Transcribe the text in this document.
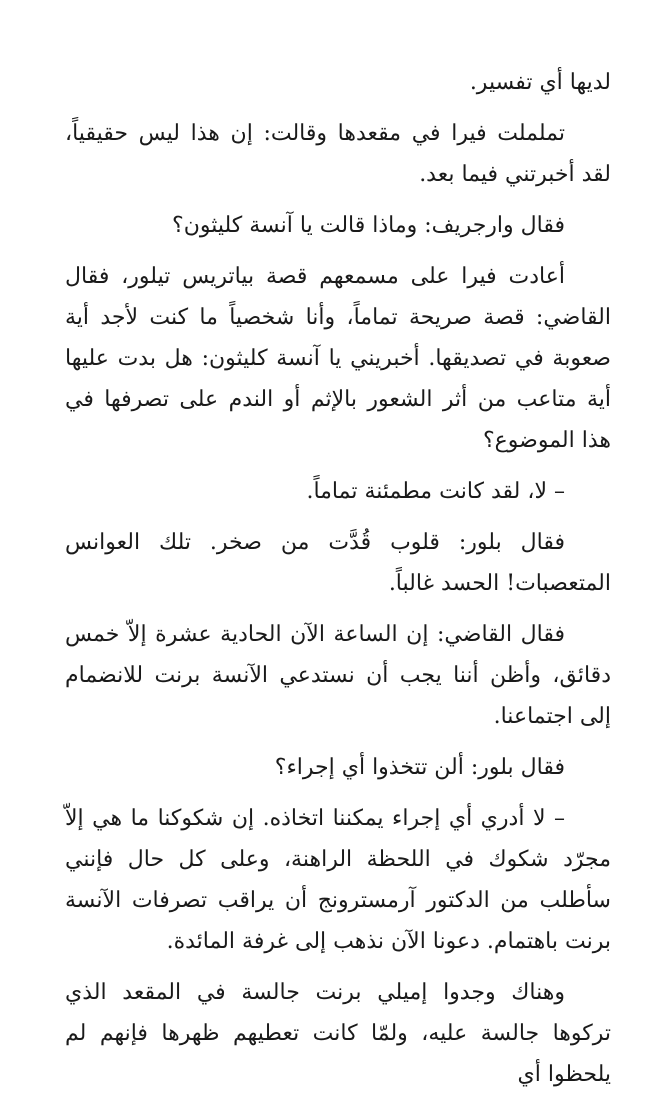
لديها أي تفسير.

تململت فيرا في مقعدها وقالت: إن هذا ليس حقيقياً، لقد أخبرتني فيما بعد.

فقال وارجريف: وماذا قالت يا آنسة كليثون؟

أعادت فيرا على مسمعهم قصة بياتريس تيلور، فقال القاضي: قصة صريحة تماماً، وأنا شخصياً ما كنت لأجد أية صعوبة في تصديقها. أخبريني يا آنسة كليثون: هل بدت عليها أية متاعب من أثر الشعور بالإثم أو الندم على تصرفها في هذا الموضوع؟

– لا، لقد كانت مطمئنة تماماً.

فقال بلور: قلوب قُدَّت من صخر. تلك العوانس المتعصبات! الحسد غالباً.

فقال القاضي: إن الساعة الآن الحادية عشرة إلاّ خمس دقائق، وأظن أننا يجب أن نستدعي الآنسة برنت للانضمام إلى اجتماعنا.

فقال بلور: ألن تتخذوا أي إجراء؟

– لا أدري أي إجراء يمكننا اتخاذه. إن شكوكنا ما هي إلاّ مجرّد شكوك في اللحظة الراهنة، وعلى كل حال فإنني سأطلب من الدكتور آرمسترونج أن يراقب تصرفات الآنسة برنت باهتمام. دعونا الآن نذهب إلى غرفة المائدة.

وهناك وجدوا إميلي برنت جالسة في المقعد الذي تركوها جالسة عليه، ولمّا كانت تعطيهم ظهرها فإنهم لم يلحظوا أي
